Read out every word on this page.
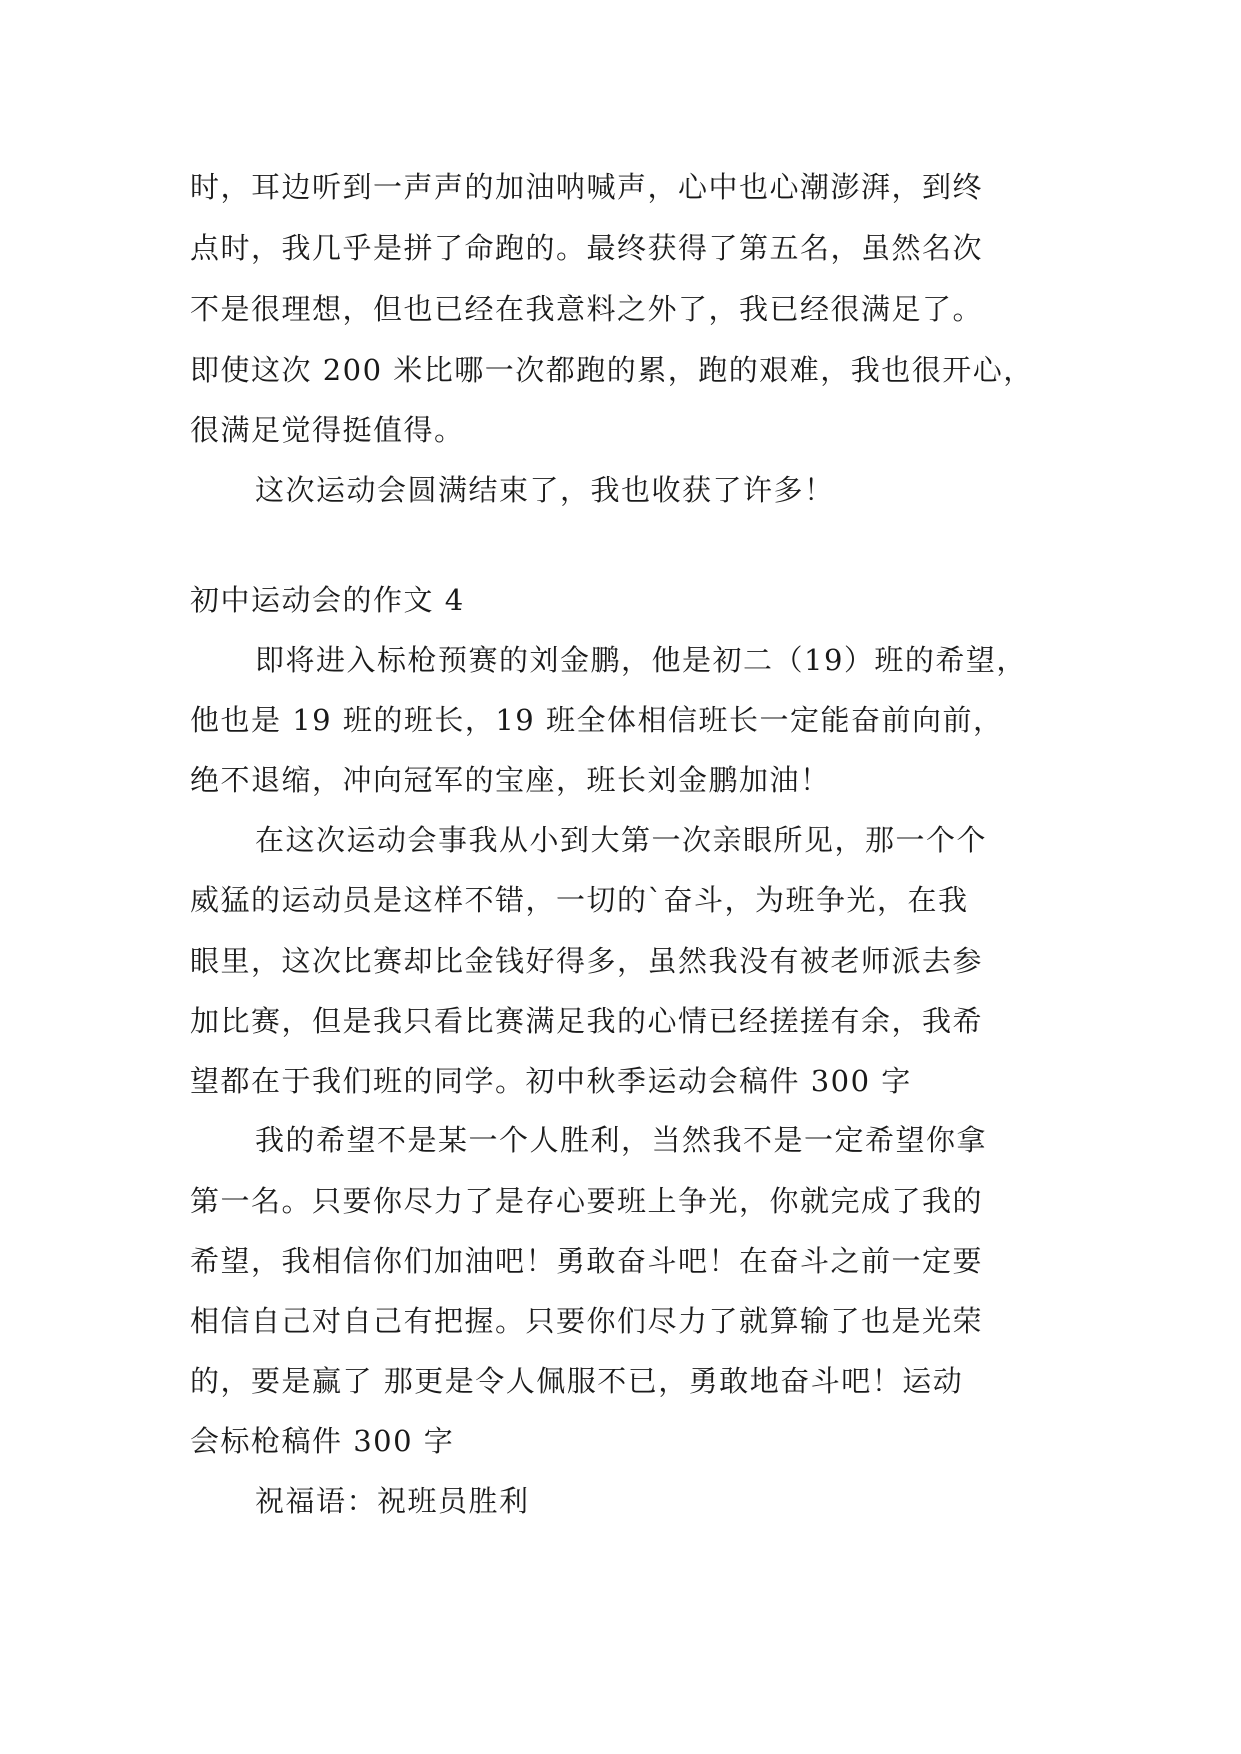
时，耳边听到一声声的加油呐喊声，心中也心潮澎湃，到终
点时，我几乎是拼了命跑的。最终获得了第五名，虽然名次
不是很理想，但也已经在我意料之外了，我已经很满足了。
即使这次 200 米比哪一次都跑的累，跑的艰难，我也很开心，
很满足觉得挺值得。
这次运动会圆满结束了，我也收获了许多！
初中运动会的作文 4
即将进入标枪预赛的刘金鹏，他是初二（19）班的希望，
他也是 19 班的班长，19 班全体相信班长一定能奋前向前，
绝不退缩，冲向冠军的宝座，班长刘金鹏加油！
在这次运动会事我从小到大第一次亲眼所见，那一个个
威猛的运动员是这样不错，一切的`奋斗，为班争光，在我
眼里，这次比赛却比金钱好得多，虽然我没有被老师派去参
加比赛，但是我只看比赛满足我的心情已经搓搓有余，我希
望都在于我们班的同学。初中秋季运动会稿件 300 字
我的希望不是某一个人胜利，当然我不是一定希望你拿
第一名。只要你尽力了是存心要班上争光，你就完成了我的
希望，我相信你们加油吧！勇敢奋斗吧！在奋斗之前一定要
相信自己对自己有把握。只要你们尽力了就算输了也是光荣
的，要是赢了 那更是令人佩服不已，勇敢地奋斗吧！运动
会标枪稿件 300 字
祝福语：祝班员胜利
